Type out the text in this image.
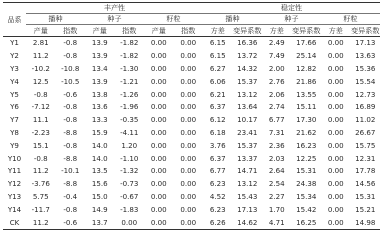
品系	丰产性						稳定性					
	播种		种子		籽粒		播种		种子		籽粒	
	产量	指数	产量	指数	产量	指数	方差	变异系数	方差	变异系数	方差	变异系数
Y1	2.81	-0.8	13.9	-1.82	0.00	0.00	6.15	16.36	2.49	17.66	0.00	17.13
Y2	11.2	-0.8	13.9	-1.82	0.00	0.00	6.15	13.72	7.49	25.14	0.00	13.63
Y3	-10.2	-10.8	13.4	-1.30	0.00	0.00	6.27	14.32	2.00	12.82	0.00	15.36
Y4	12.5	-10.5	13.9	-1.21	0.00	0.00	6.06	15.37	2.76	21.86	0.00	15.54
Y5	-0.8	-0.6	13.8	-1.26	0.00	0.00	6.21	13.12	2.06	13.55	0.00	12.73
Y6	-7.12	-0.8	13.6	-1.96	0.00	0.00	6.37	13.64	2.74	15.11	0.00	16.89
Y7	11.1	-0.8	13.3	-0.35	0.00	0.00	6.12	10.17	6.77	17.30	0.00	11.02
Y8	-2.23	-8.8	15.9	-4.11	0.00	0.00	6.18	23.41	7.31	21.62	0.00	26.67
Y9	15.1	-0.8	14.0	1.20	0.00	0.00	3.76	15.37	2.36	16.23	0.00	15.75
Y10	-0.8	-8.8	14.0	-1.10	0.00	0.00	6.37	13.37	2.03	12.25	0.00	12.31
Y11	11.2	-10.1	13.5	-1.32	0.00	0.00	6.77	14.71	2.64	15.31	0.00	17.78
Y12	-3.76	-8.8	15.6	-0.73	0.00	0.00	6.23	13.12	2.54	24.38	0.00	14.56
Y13	5.75	-0.4	15.0	-0.67	0.00	0.00	4.52	15.43	2.27	15.34	0.00	15.31
Y14	-11.7	-0.8	14.9	-1.83	0.00	0.00	6.23	17.13	1.70	15.42	0.00	15.21
CK	11.2	-0.6	13.7	0.00	0.00	0.00	6.26	14.62	4.71	16.25	0.00	14.98
